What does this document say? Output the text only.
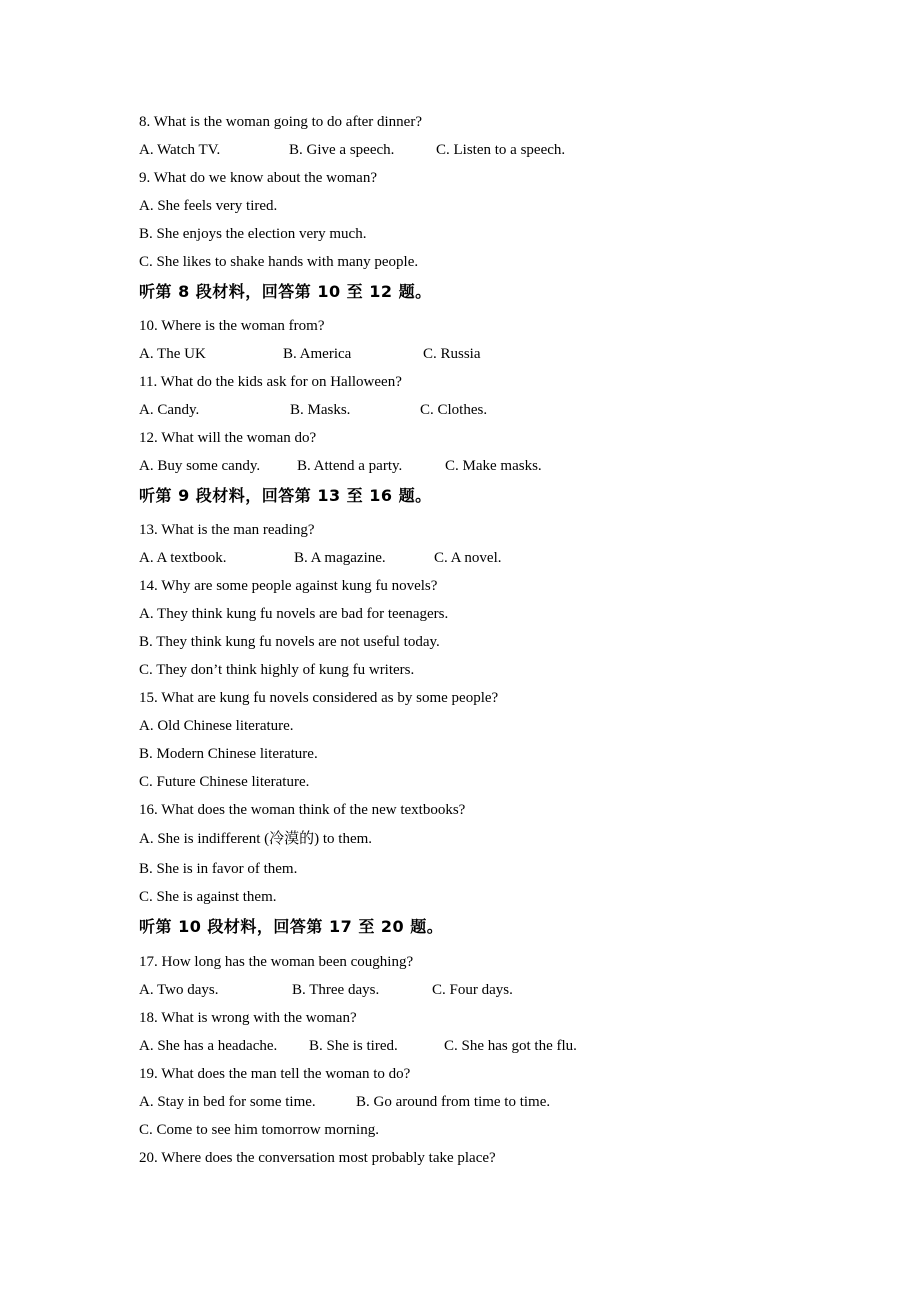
8. What is the woman going to do after dinner?
A. Watch TV.	B. Give a speech.	C. Listen to a speech.
9. What do we know about the woman?
A. She feels very tired.
B. She enjoys the election very much.
C. She likes to shake hands with many people.
听第 8 段材料，回答第 10 至 12 题。
10. Where is the woman from?
A. The UK	B. America	C. Russia
11. What do the kids ask for on Halloween?
A. Candy.	B. Masks.	C. Clothes.
12. What will the woman do?
A. Buy some candy. B. Attend a party.	C. Make masks.
听第 9 段材料，回答第 13 至 16 题。
13. What is the man reading?
A. A textbook.	B. A magazine.	C. A novel.
14. Why are some people against kung fu novels?
A. They think kung fu novels are bad for teenagers.
B. They think kung fu novels are not useful today.
C. They don’t think highly of kung fu writers.
15. What are kung fu novels considered as by some people?
A. Old Chinese literature.
B. Modern Chinese literature.
C. Future Chinese literature.
16. What does the woman think of the new textbooks?
A. She is indifferent (冷漠的) to them.
B. She is in favor of them.
C. She is against them.
听第 10 段材料，回答第 17 至 20 题。
17. How long has the woman been coughing?
A. Two days.	B. Three days.	C. Four days.
18. What is wrong with the woman?
A. She has a headache. B. She is tired.	C. She has got the flu.
19. What does the man tell the woman to do?
A. Stay in bed for some time.	B. Go around from time to time.
C. Come to see him tomorrow morning.
20. Where does the conversation most probably take place?
